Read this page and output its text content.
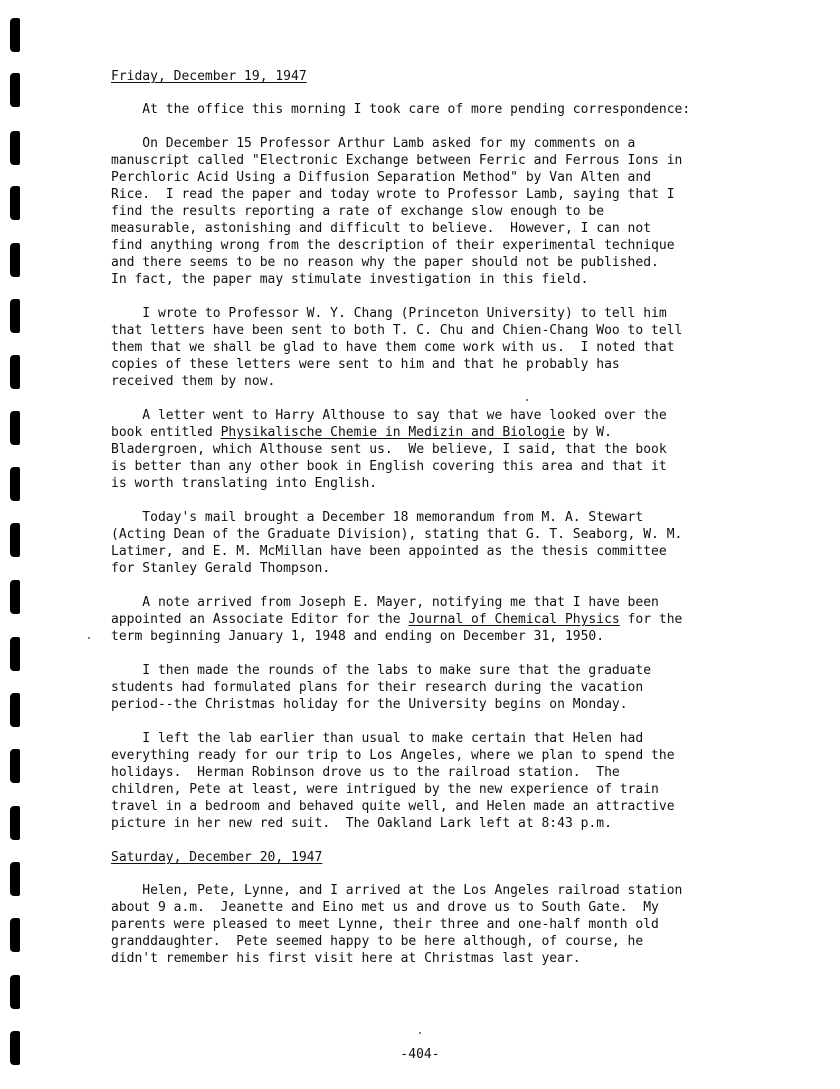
Friday, December 19, 1947
At the office this morning I took care of more pending correspondence:
On December 15 Professor Arthur Lamb asked for my comments on a
manuscript called "Electronic Exchange between Ferric and Ferrous Ions in
Perchloric Acid Using a Diffusion Separation Method" by Van Alten and
Rice.  I read the paper and today wrote to Professor Lamb, saying that I
find the results reporting a rate of exchange slow enough to be
measurable, astonishing and difficult to believe.  However, I can not
find anything wrong from the description of their experimental technique
and there seems to be no reason why the paper should not be published.
In fact, the paper may stimulate investigation in this field.
I wrote to Professor W. Y. Chang (Princeton University) to tell him
that letters have been sent to both T. C. Chu and Chien-Chang Woo to tell
them that we shall be glad to have them come work with us.  I noted that
copies of these letters were sent to him and that he probably has
received them by now.
A letter went to Harry Althouse to say that we have looked over the
book entitled Physikalische Chemie in Medizin and Biologie by W.
Bladergroen, which Althouse sent us.  We believe, I said, that the book
is better than any other book in English covering this area and that it
is worth translating into English.
Today's mail brought a December 18 memorandum from M. A. Stewart
(Acting Dean of the Graduate Division), stating that G. T. Seaborg, W. M.
Latimer, and E. M. McMillan have been appointed as the thesis committee
for Stanley Gerald Thompson.
A note arrived from Joseph E. Mayer, notifying me that I have been
appointed an Associate Editor for the Journal of Chemical Physics for the
term beginning January 1, 1948 and ending on December 31, 1950.
I then made the rounds of the labs to make sure that the graduate
students had formulated plans for their research during the vacation
period--the Christmas holiday for the University begins on Monday.
I left the lab earlier than usual to make certain that Helen had
everything ready for our trip to Los Angeles, where we plan to spend the
holidays.  Herman Robinson drove us to the railroad station.  The
children, Pete at least, were intrigued by the new experience of train
travel in a bedroom and behaved quite well, and Helen made an attractive
picture in her new red suit.  The Oakland Lark left at 8:43 p.m.
Saturday, December 20, 1947
Helen, Pete, Lynne, and I arrived at the Los Angeles railroad station
about 9 a.m.  Jeanette and Eino met us and drove us to South Gate.  My
parents were pleased to meet Lynne, their three and one-half month old
granddaughter.  Pete seemed happy to be here although, of course, he
didn't remember his first visit here at Christmas last year.
-404-
